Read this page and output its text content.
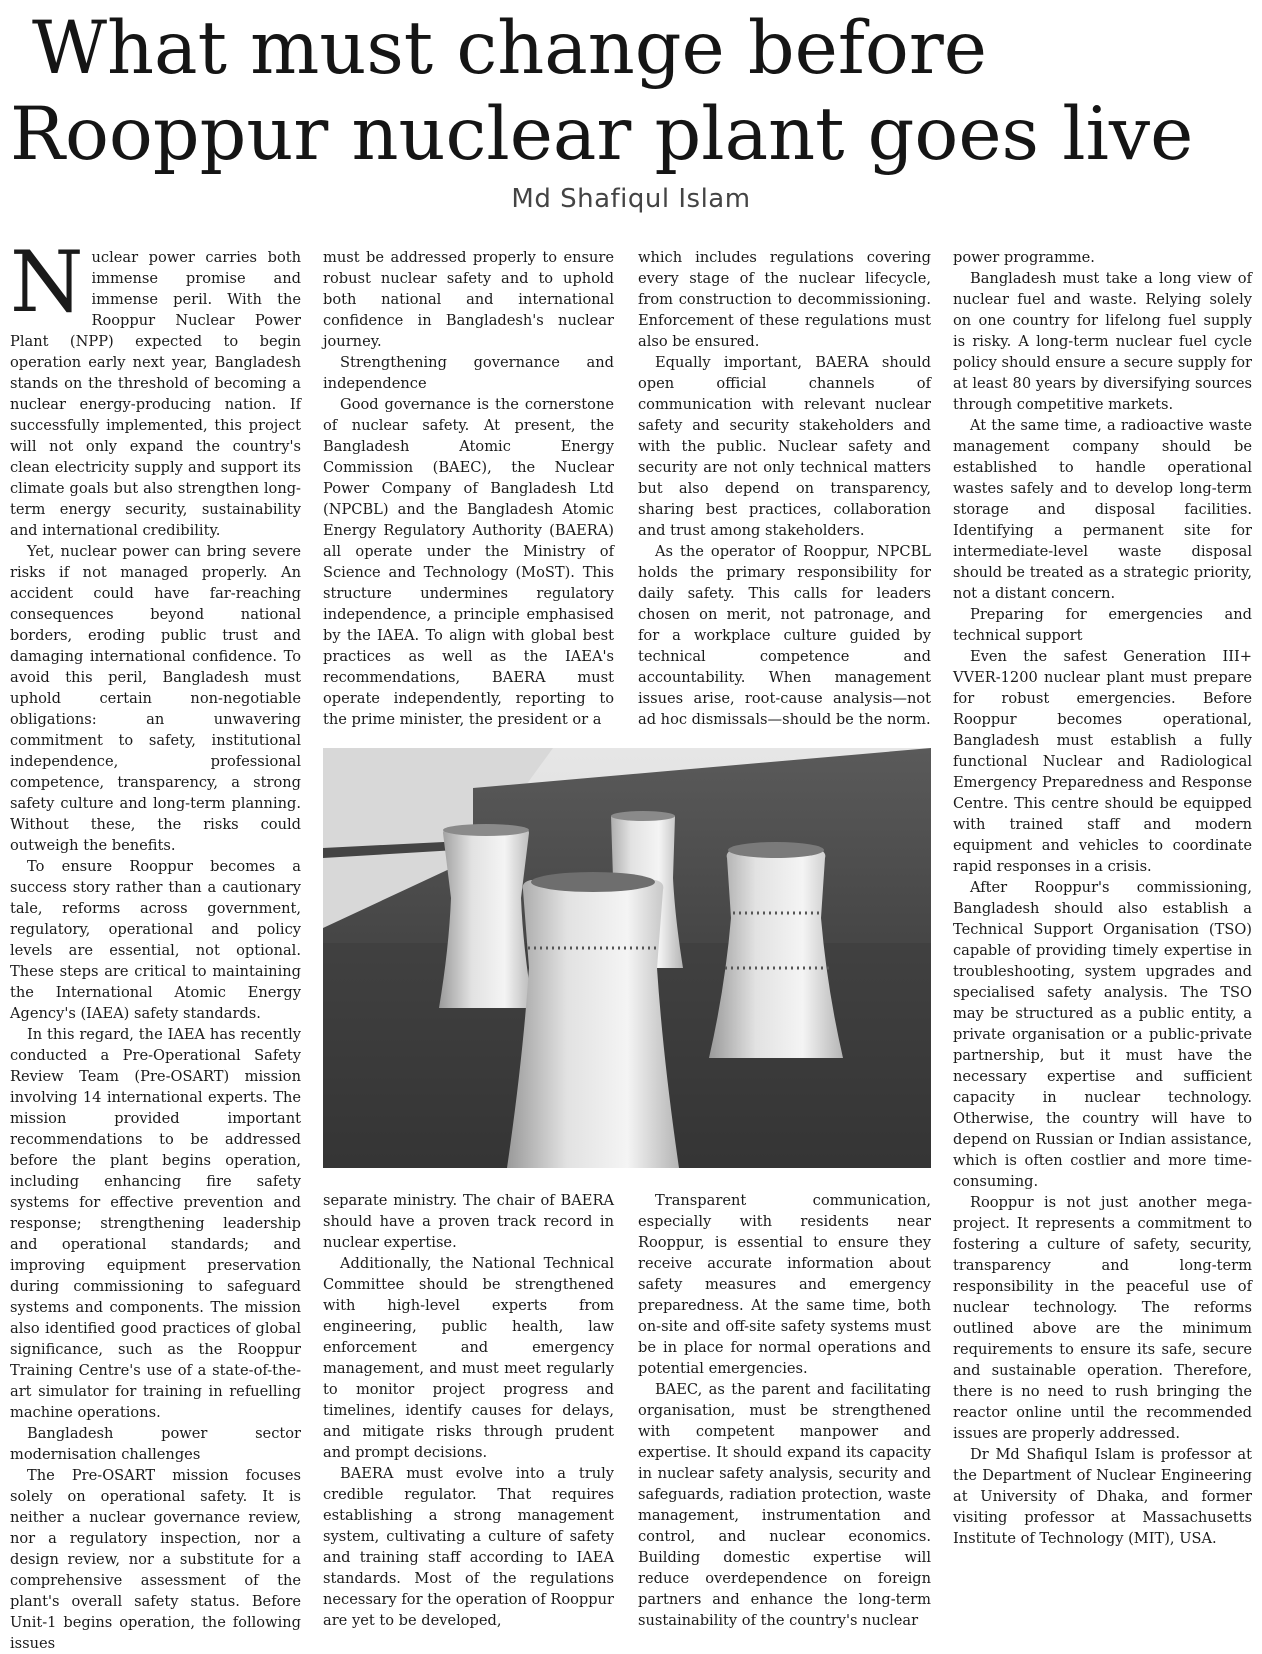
What must change before
Rooppur nuclear plant goes live
Md Shafiqul Islam

Nuclear power carries both immense promise and immense peril. With the Rooppur Nuclear Power Plant (NPP) expected to begin operation early next year, Bangladesh stands on the threshold of becoming a nuclear energy-producing nation. If successfully implemented, this project will not only expand the country's clean electricity supply and support its climate goals but also strengthen long-term energy security, sustainability and international credibility.

Yet, nuclear power can bring severe risks if not managed properly. An accident could have far-reaching consequences beyond national borders, eroding public trust and damaging international confidence. To avoid this peril, Bangladesh must uphold certain non-negotiable obligations: an unwavering commitment to safety, institutional independence, professional competence, transparency, a strong safety culture and long-term planning. Without these, the risks could outweigh the benefits.

To ensure Rooppur becomes a success story rather than a cautionary tale, reforms across government, regulatory, operational and policy levels are essential, not optional. These steps are critical to maintaining the International Atomic Energy Agency's (IAEA) safety standards.

In this regard, the IAEA has recently conducted a Pre-Operational Safety Review Team (Pre-OSART) mission involving 14 international experts. The mission provided important recommendations to be addressed before the plant begins operation, including enhancing fire safety systems for effective prevention and response; strengthening leadership and operational standards; and improving equipment preservation during commissioning to safeguard systems and components. The mission also identified good practices of global significance, such as the Rooppur Training Centre's use of a state-of-the-art simulator for training in refuelling machine operations.

Bangladesh power sector modernisation challenges

The Pre-OSART mission focuses solely on operational safety. It is neither a nuclear governance review, nor a regulatory inspection, nor a design review, nor a substitute for a comprehensive assessment of the plant's overall safety status. Before Unit-1 begins operation, the following issues

must be addressed properly to ensure robust nuclear safety and to uphold both national and international confidence in Bangladesh's nuclear journey.

Strengthening governance and independence

Good governance is the cornerstone of nuclear safety. At present, the Bangladesh Atomic Energy Commission (BAEC), the Nuclear Power Company of Bangladesh Ltd (NPCBL) and the Bangladesh Atomic Energy Regulatory Authority (BAERA) all operate under the Ministry of Science and Technology (MoST). This structure undermines regulatory independence, a principle emphasised by the IAEA. To align with global best practices as well as the IAEA's recommendations, BAERA must operate independently, reporting to the prime minister, the president or a

which includes regulations covering every stage of the nuclear lifecycle, from construction to decommissioning. Enforcement of these regulations must also be ensured.

Equally important, BAERA should open official channels of communication with relevant nuclear safety and security stakeholders and with the public. Nuclear safety and security are not only technical matters but also depend on transparency, sharing best practices, collaboration and trust among stakeholders.

As the operator of Rooppur, NPCBL holds the primary responsibility for daily safety. This calls for leaders chosen on merit, not patronage, and for a workplace culture guided by technical competence and accountability. When management issues arise, root-cause analysis—not ad hoc dismissals—should be the norm.

separate ministry. The chair of BAERA should have a proven track record in nuclear expertise.

Additionally, the National Technical Committee should be strengthened with high-level experts from engineering, public health, law enforcement and emergency management, and must meet regularly to monitor project progress and timelines, identify causes for delays, and mitigate risks through prudent and prompt decisions.

BAERA must evolve into a truly credible regulator. That requires establishing a strong management system, cultivating a culture of safety and training staff according to IAEA standards. Most of the regulations necessary for the operation of Rooppur are yet to be developed,

Transparent communication, especially with residents near Rooppur, is essential to ensure they receive accurate information about safety measures and emergency preparedness. At the same time, both on-site and off-site safety systems must be in place for normal operations and potential emergencies.

BAEC, as the parent and facilitating organisation, must be strengthened with competent manpower and expertise. It should expand its capacity in nuclear safety analysis, security and safeguards, radiation protection, waste management, instrumentation and control, and nuclear economics. Building domestic expertise will reduce overdependence on foreign partners and enhance the long-term sustainability of the country's nuclear

power programme.

Bangladesh must take a long view of nuclear fuel and waste. Relying solely on one country for lifelong fuel supply is risky. A long-term nuclear fuel cycle policy should ensure a secure supply for at least 80 years by diversifying sources through competitive markets.

At the same time, a radioactive waste management company should be established to handle operational wastes safely and to develop long-term storage and disposal facilities. Identifying a permanent site for intermediate-level waste disposal should be treated as a strategic priority, not a distant concern.

Preparing for emergencies and technical support

Even the safest Generation III+ VVER-1200 nuclear plant must prepare for robust emergencies. Before Rooppur becomes operational, Bangladesh must establish a fully functional Nuclear and Radiological Emergency Preparedness and Response Centre. This centre should be equipped with trained staff and modern equipment and vehicles to coordinate rapid responses in a crisis.

After Rooppur's commissioning, Bangladesh should also establish a Technical Support Organisation (TSO) capable of providing timely expertise in troubleshooting, system upgrades and specialised safety analysis. The TSO may be structured as a public entity, a private organisation or a public-private partnership, but it must have the necessary expertise and sufficient capacity in nuclear technology. Otherwise, the country will have to depend on Russian or Indian assistance, which is often costlier and more time-consuming.

Rooppur is not just another mega-project. It represents a commitment to fostering a culture of safety, security, transparency and long-term responsibility in the peaceful use of nuclear technology. The reforms outlined above are the minimum requirements to ensure its safe, secure and sustainable operation. Therefore, there is no need to rush bringing the reactor online until the recommended issues are properly addressed.

Dr Md Shafiqul Islam is professor at the Department of Nuclear Engineering at University of Dhaka, and former visiting professor at Massachusetts Institute of Technology (MIT), USA.
